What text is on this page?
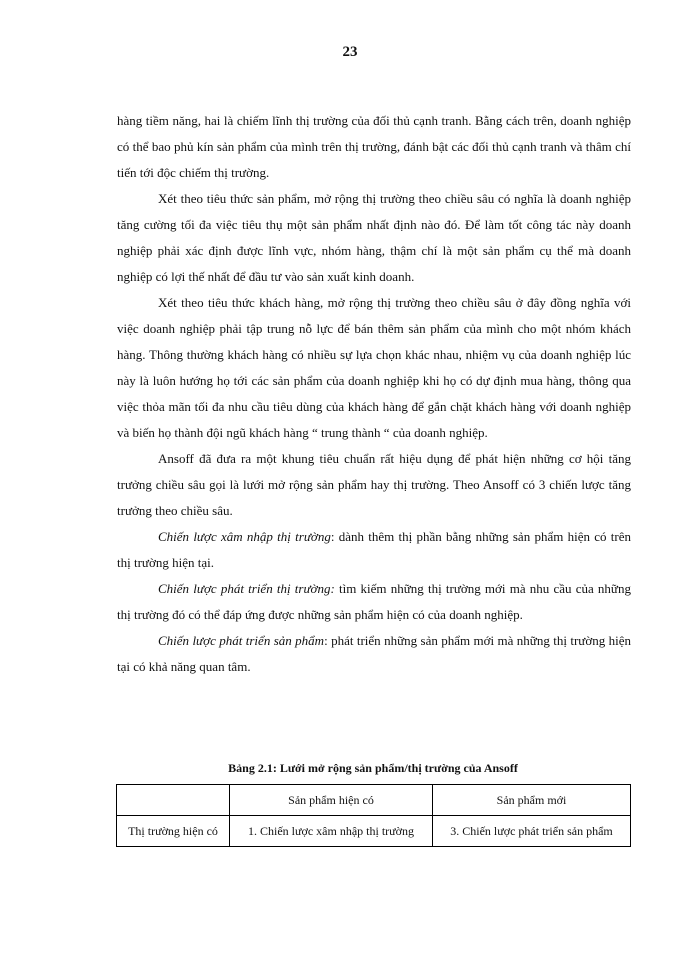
23

hàng tiềm năng, hai là chiếm lĩnh thị trường của đối thủ cạnh tranh. Bằng cách trên, doanh nghiệp có thể bao phủ kín sản phẩm của mình trên thị trường, đánh bật các đối thủ cạnh tranh và thâm chí tiến tới độc chiếm thị trường.

Xét theo tiêu thức sản phẩm, mở rộng thị trường theo chiều sâu có nghĩa là doanh nghiệp tăng cường tối đa việc tiêu thụ một sản phẩm nhất định nào đó. Để làm tốt công tác này doanh nghiệp phải xác định được lĩnh vực, nhóm hàng, thậm chí là một sản phẩm cụ thể mà doanh nghiệp có lợi thế nhất để đầu tư vào sản xuất kinh doanh.

Xét theo tiêu thức khách hàng, mở rộng thị trường theo chiều sâu ở đây đồng nghĩa với việc doanh nghiệp phải tập trung nỗ lực để bán thêm sản phẩm của mình cho một nhóm khách hàng. Thông thường khách hàng có nhiều sự lựa chọn khác nhau, nhiệm vụ của doanh nghiệp lúc này là luôn hướng họ tới các sản phẩm của doanh nghiệp khi họ có dự định mua hàng, thông qua việc thỏa mãn tối đa nhu cầu tiêu dùng của khách hàng để gắn chặt khách hàng với doanh nghiệp và biến họ thành đội ngũ khách hàng “ trung thành “ của doanh nghiệp.

Ansoff đã đưa ra một khung tiêu chuẩn rất hiệu dụng để phát hiện những cơ hội tăng trưởng chiều sâu gọi là lưới mở rộng sản phẩm hay thị trường. Theo Ansoff có 3 chiến lược tăng trưởng theo chiều sâu.

Chiến lược xâm nhập thị trường: dành thêm thị phần bằng những sản phẩm hiện có trên thị trường hiện tại.

Chiến lược phát triển thị trường: tìm kiếm những thị trường mới mà nhu cầu của những thị trường đó có thể đáp ứng được những sản phẩm hiện có của doanh nghiệp.

Chiến lược phát triển sản phẩm: phát triển những sản phẩm mới mà những thị trường hiện tại có khả năng quan tâm.

Bảng 2.1: Lưới mở rộng sản phẩm/thị trường của Ansoff
	Sản phẩm hiện có	Sản phẩm mới
Thị trường hiện có	1. Chiến lược xâm nhập thị trường	3. Chiến lược phát triển sản phẩm
